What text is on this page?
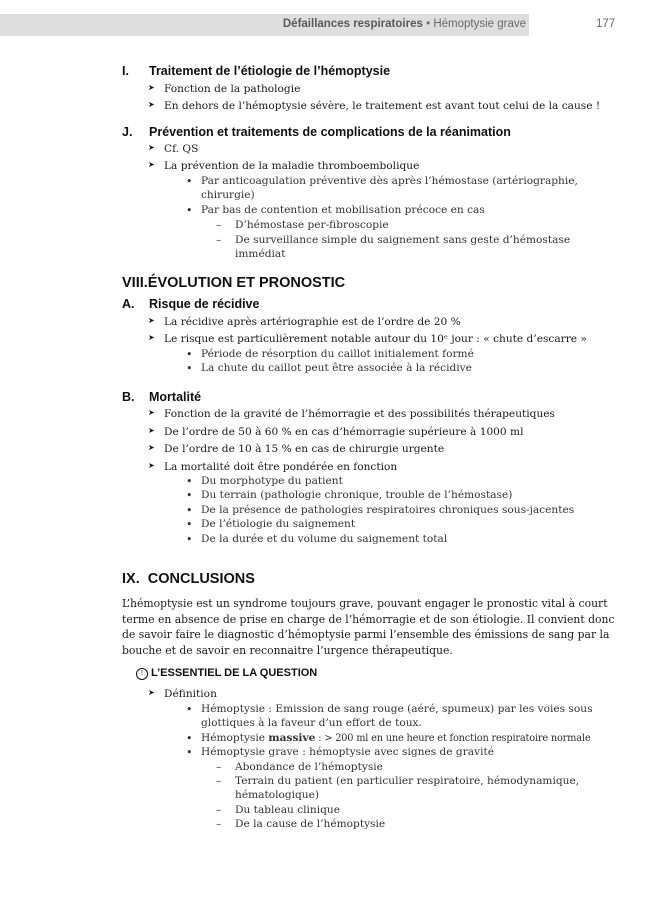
Défaillances respiratoires • Hémoptysie grave	177
I. Traitement de l’étiologie de l’hémoptysie
Fonction de la pathologie
En dehors de l’hémoptysie sévère, le traitement est avant tout celui de la cause !
J. Prévention et traitements de complications de la réanimation
Cf. QS
La prévention de la maladie thromboembolique
Par anticoagulation préventive dès après l’hémostase (artériographie,
chirurgie)
Par bas de contention et mobilisation précoce en cas
D’hémostase per-fibroscopie
De surveillance simple du saignement sans geste d’hémostase
immédiat
VIII.ÉVOLUTION ET PRONOSTIC
A. Risque de récidive
La récidive après artériographie est de l’ordre de 20 %
Le risque est particulièrement notable autour du 10ᵉ jour : « chute d’escarre »
Période de résorption du caillot initialement formé
La chute du caillot peut être associée à la récidive
B. Mortalité
Fonction de la gravité de l’hémorragie et des possibilités thérapeutiques
De l’ordre de 50 à 60 % en cas d’hémorragie supérieure à 1000 ml
De l’ordre de 10 à 15 % en cas de chirurgie urgente
La mortalité doit être pondérée en fonction
Du morphotype du patient
Du terrain (pathologie chronique, trouble de l’hémostase)
De la présence de pathologies respiratoires chroniques sous-jacentes
De l’étiologie du saignement
De la durée et du volume du saignement total
IX.  CONCLUSIONS
L’hémoptysie est un syndrome toujours grave, pouvant engager le pronostic vital à court
terme en absence de prise en charge de l’hémorragie et de son étiologie. Il convient donc
de savoir faire le diagnostic d’hémoptysie parmi l’ensemble des émissions de sang par la
bouche et de savoir en reconnaitre l’urgence thérapeutique.
! L’ESSENTIEL DE LA QUESTION
Définition
Hémoptysie : Emission de sang rouge (aéré, spumeux) par les voies sous
glottiques à la faveur d’un effort de toux.
Hémoptysie massive : > 200 ml en une heure et fonction respiratoire normale
Hémoptysie grave : hémoptysie avec signes de gravité
Abondance de l’hémoptysie
Terrain du patient (en particulier respiratoire, hémodynamique,
hématologique)
Du tableau clinique
De la cause de l’hémoptysie
